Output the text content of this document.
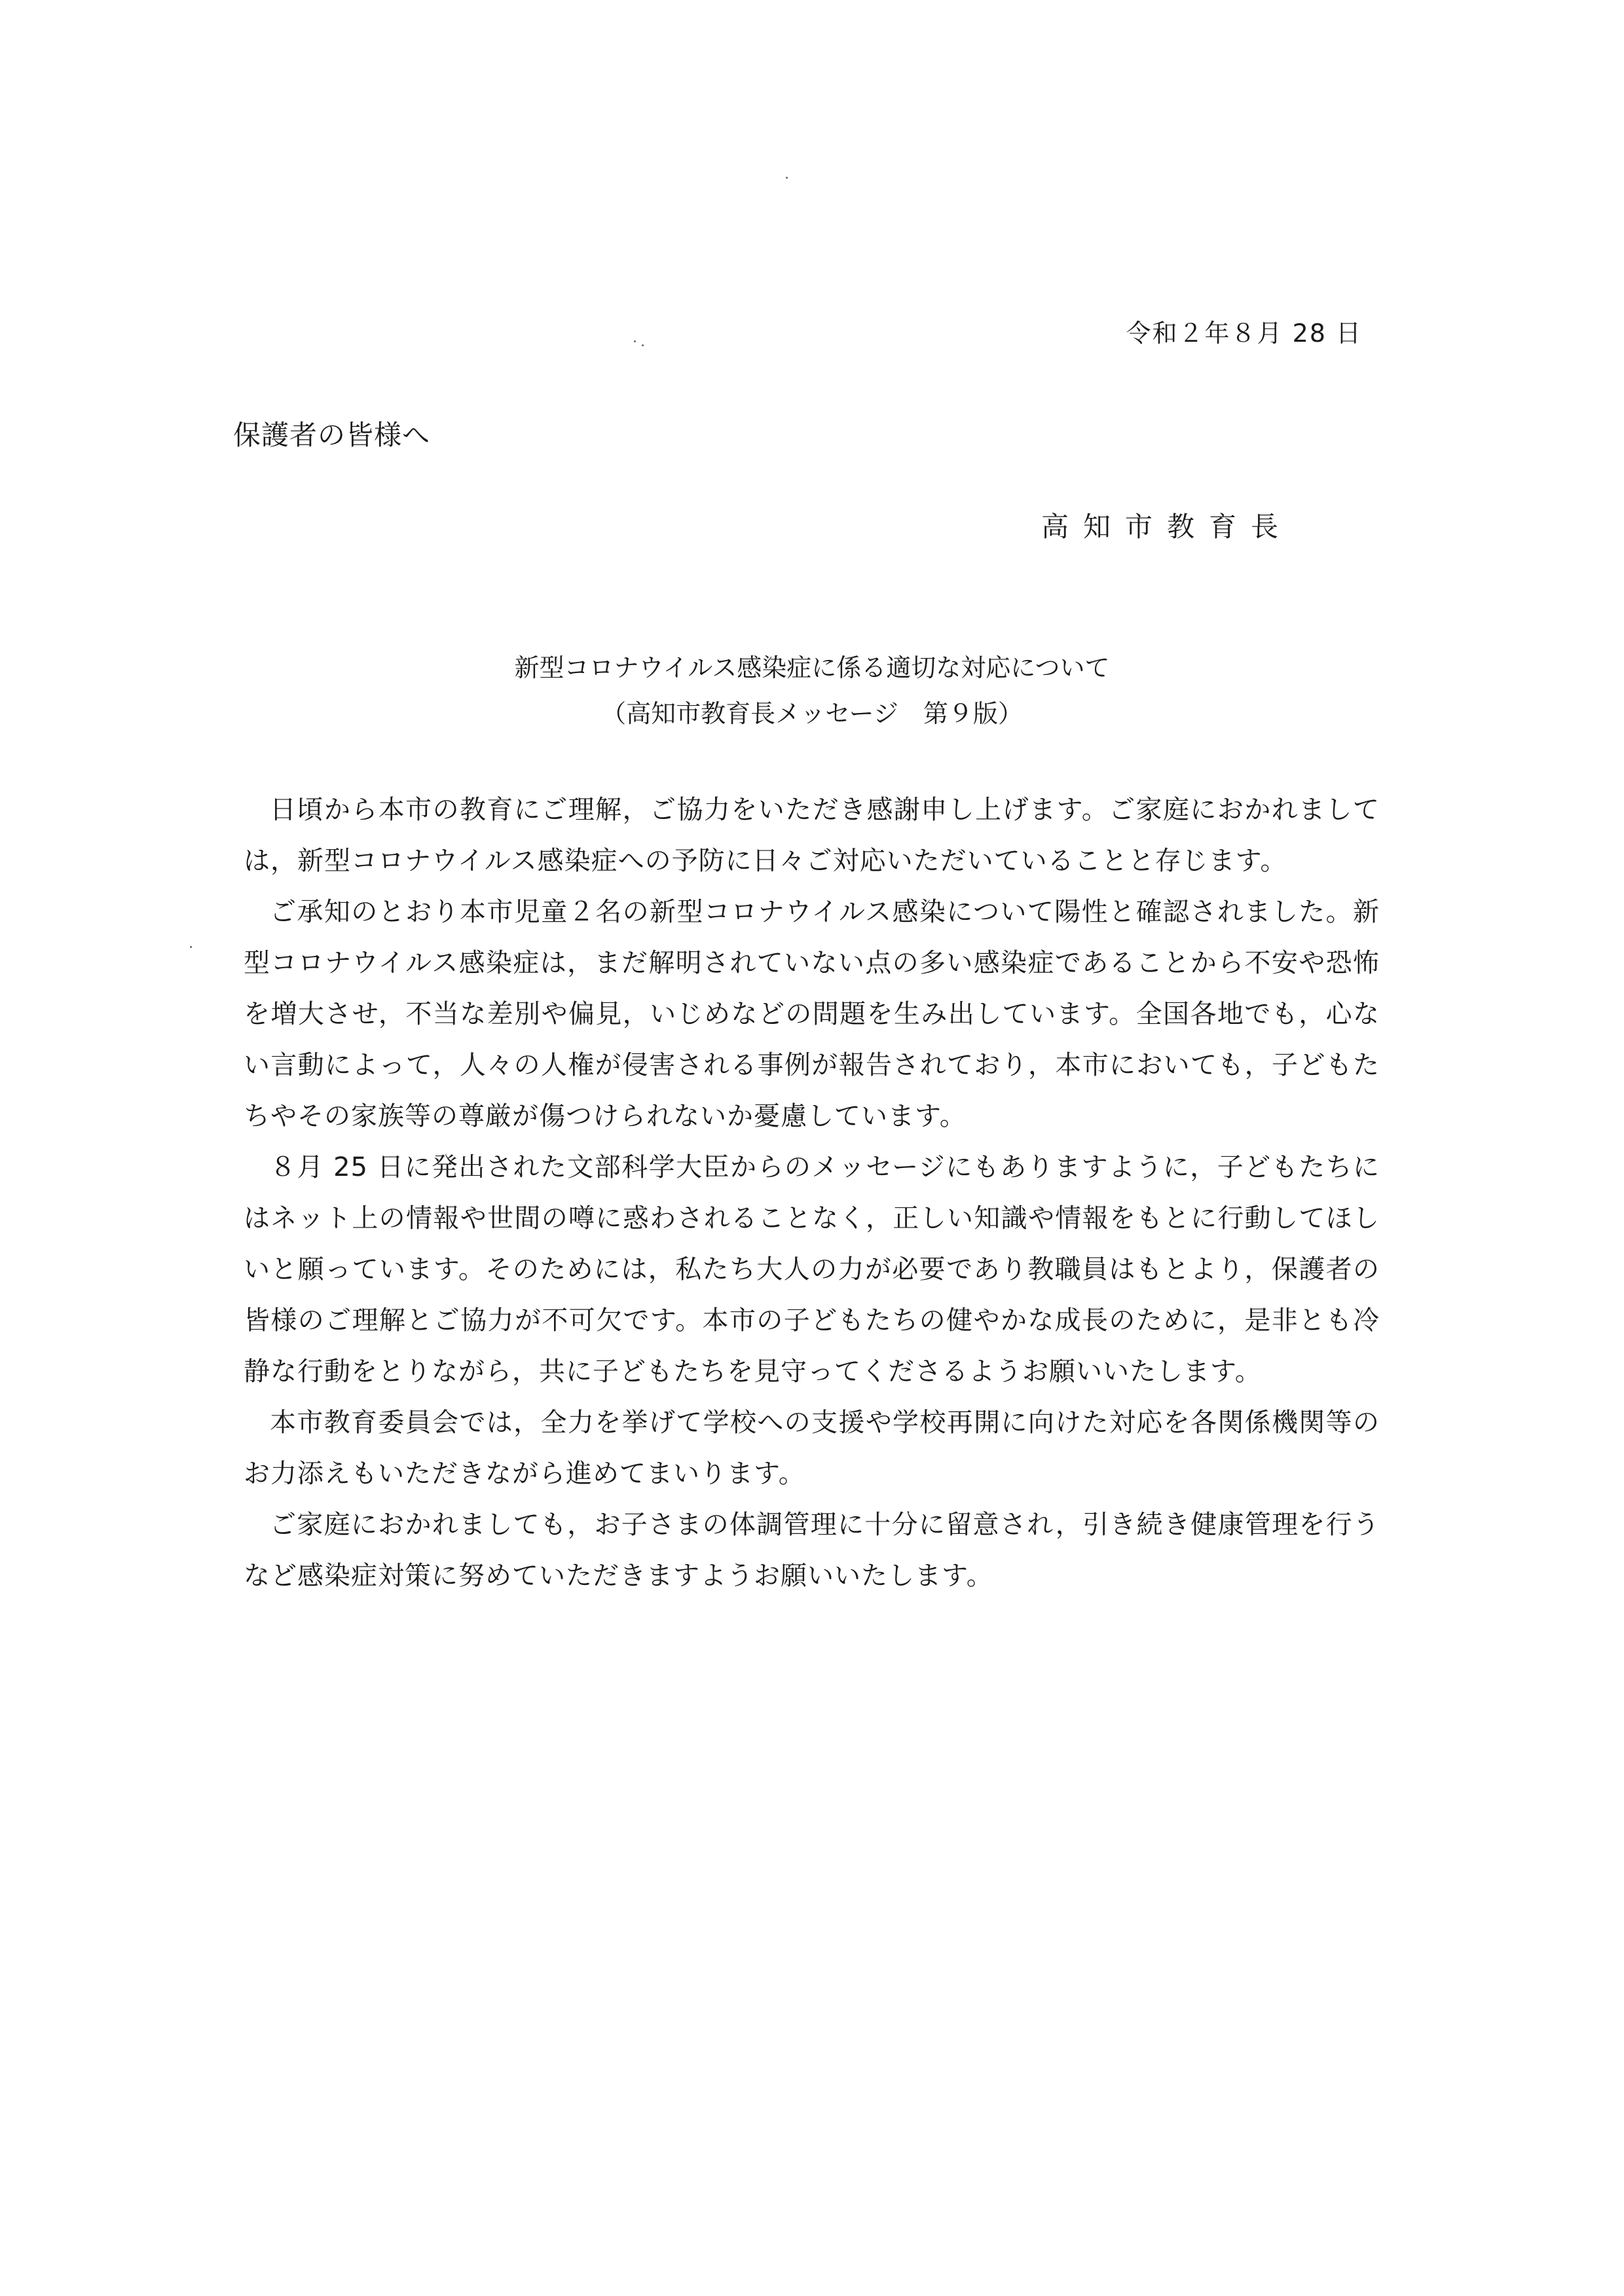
令和２年８月 28 日
保護者の皆様へ
高知市教育長
新型コロナウイルス感染症に係る適切な対応について
（高知市教育長メッセージ　第９版）

日頃から本市の教育にご理解，ご協力をいただき感謝申し上げます。ご家庭におかれましては，新型コロナウイルス感染症への予防に日々ご対応いただいていることと存じます。

ご承知のとおり本市児童２名の新型コロナウイルス感染について陽性と確認されました。新型コロナウイルス感染症は，まだ解明されていない点の多い感染症であることから不安や恐怖を増大させ，不当な差別や偏見，いじめなどの問題を生み出しています。全国各地でも，心ない言動によって，人々の人権が侵害される事例が報告されており，本市においても，子どもたちやその家族等の尊厳が傷つけられないか憂慮しています。

８月 25 日に発出された文部科学大臣からのメッセージにもありますように，子どもたちにはネット上の情報や世間の噂に惑わされることなく，正しい知識や情報をもとに行動してほしいと願っています。そのためには，私たち大人の力が必要であり教職員はもとより，保護者の皆様のご理解とご協力が不可欠です。本市の子どもたちの健やかな成長のために，是非とも冷静な行動をとりながら，共に子どもたちを見守ってくださるようお願いいたします。

本市教育委員会では，全力を挙げて学校への支援や学校再開に向けた対応を各関係機関等のお力添えもいただきながら進めてまいります。

ご家庭におかれましても，お子さまの体調管理に十分に留意され，引き続き健康管理を行うなど感染症対策に努めていただきますようお願いいたします。
